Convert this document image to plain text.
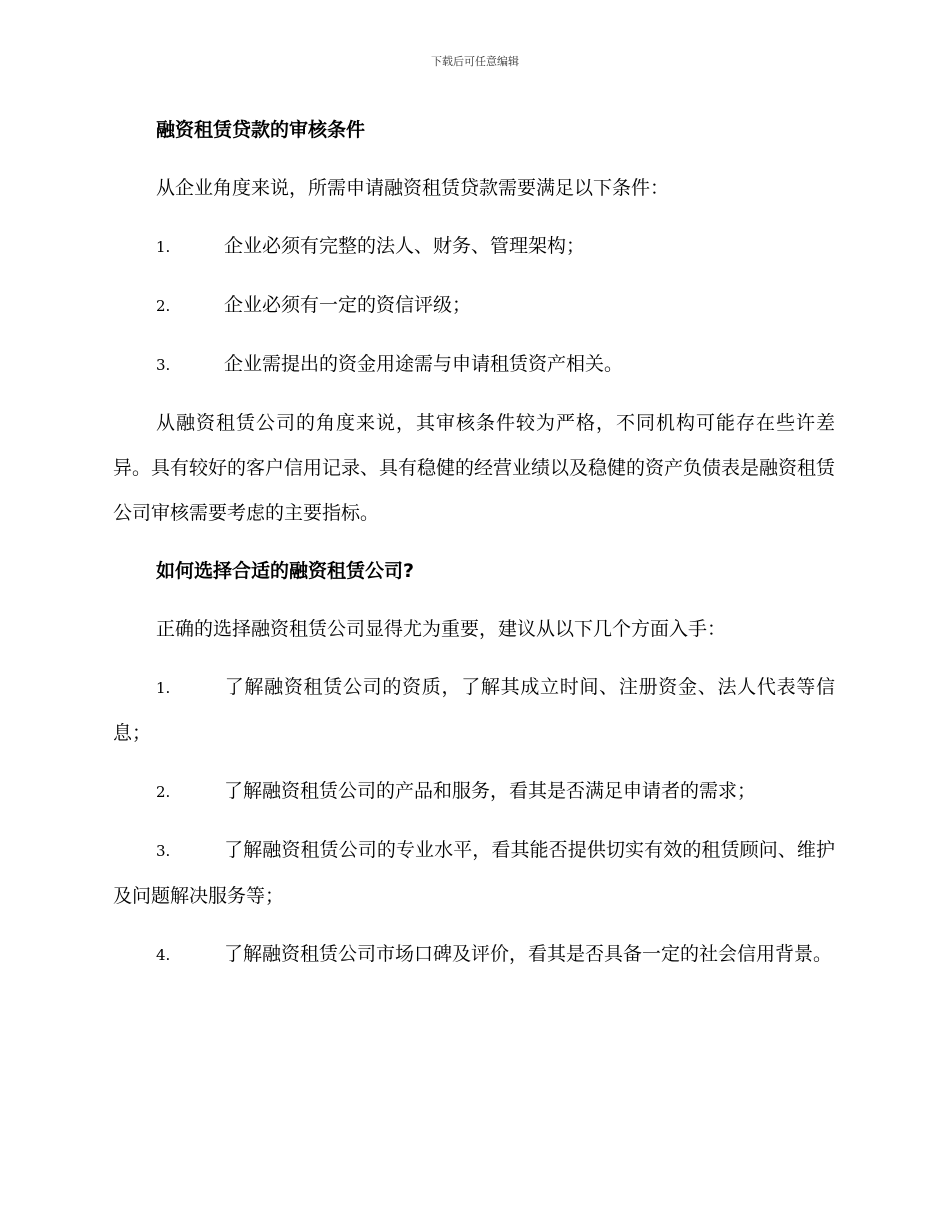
下载后可任意编辑
融资租赁贷款的审核条件

从企业角度来说，所需申请融资租赁贷款需要满足以下条件：

1.	企业必须有完整的法人、财务、管理架构；

2.	企业必须有一定的资信评级；

3.	企业需提出的资金用途需与申请租赁资产相关。

从融资租赁公司的角度来说，其审核条件较为严格，不同机构可能存在些许差异。具有较好的客户信用记录、具有稳健的经营业绩以及稳健的资产负债表是融资租赁公司审核需要考虑的主要指标。

如何选择合适的融资租赁公司?

正确的选择融资租赁公司显得尤为重要，建议从以下几个方面入手：

1.	了解融资租赁公司的资质，了解其成立时间、注册资金、法人代表等信息；

2.	了解融资租赁公司的产品和服务，看其是否满足申请者的需求；

3.	了解融资租赁公司的专业水平，看其能否提供切实有效的租赁顾问、维护及问题解决服务等；

4.	了解融资租赁公司市场口碑及评价，看其是否具备一定的社会信用背景。
